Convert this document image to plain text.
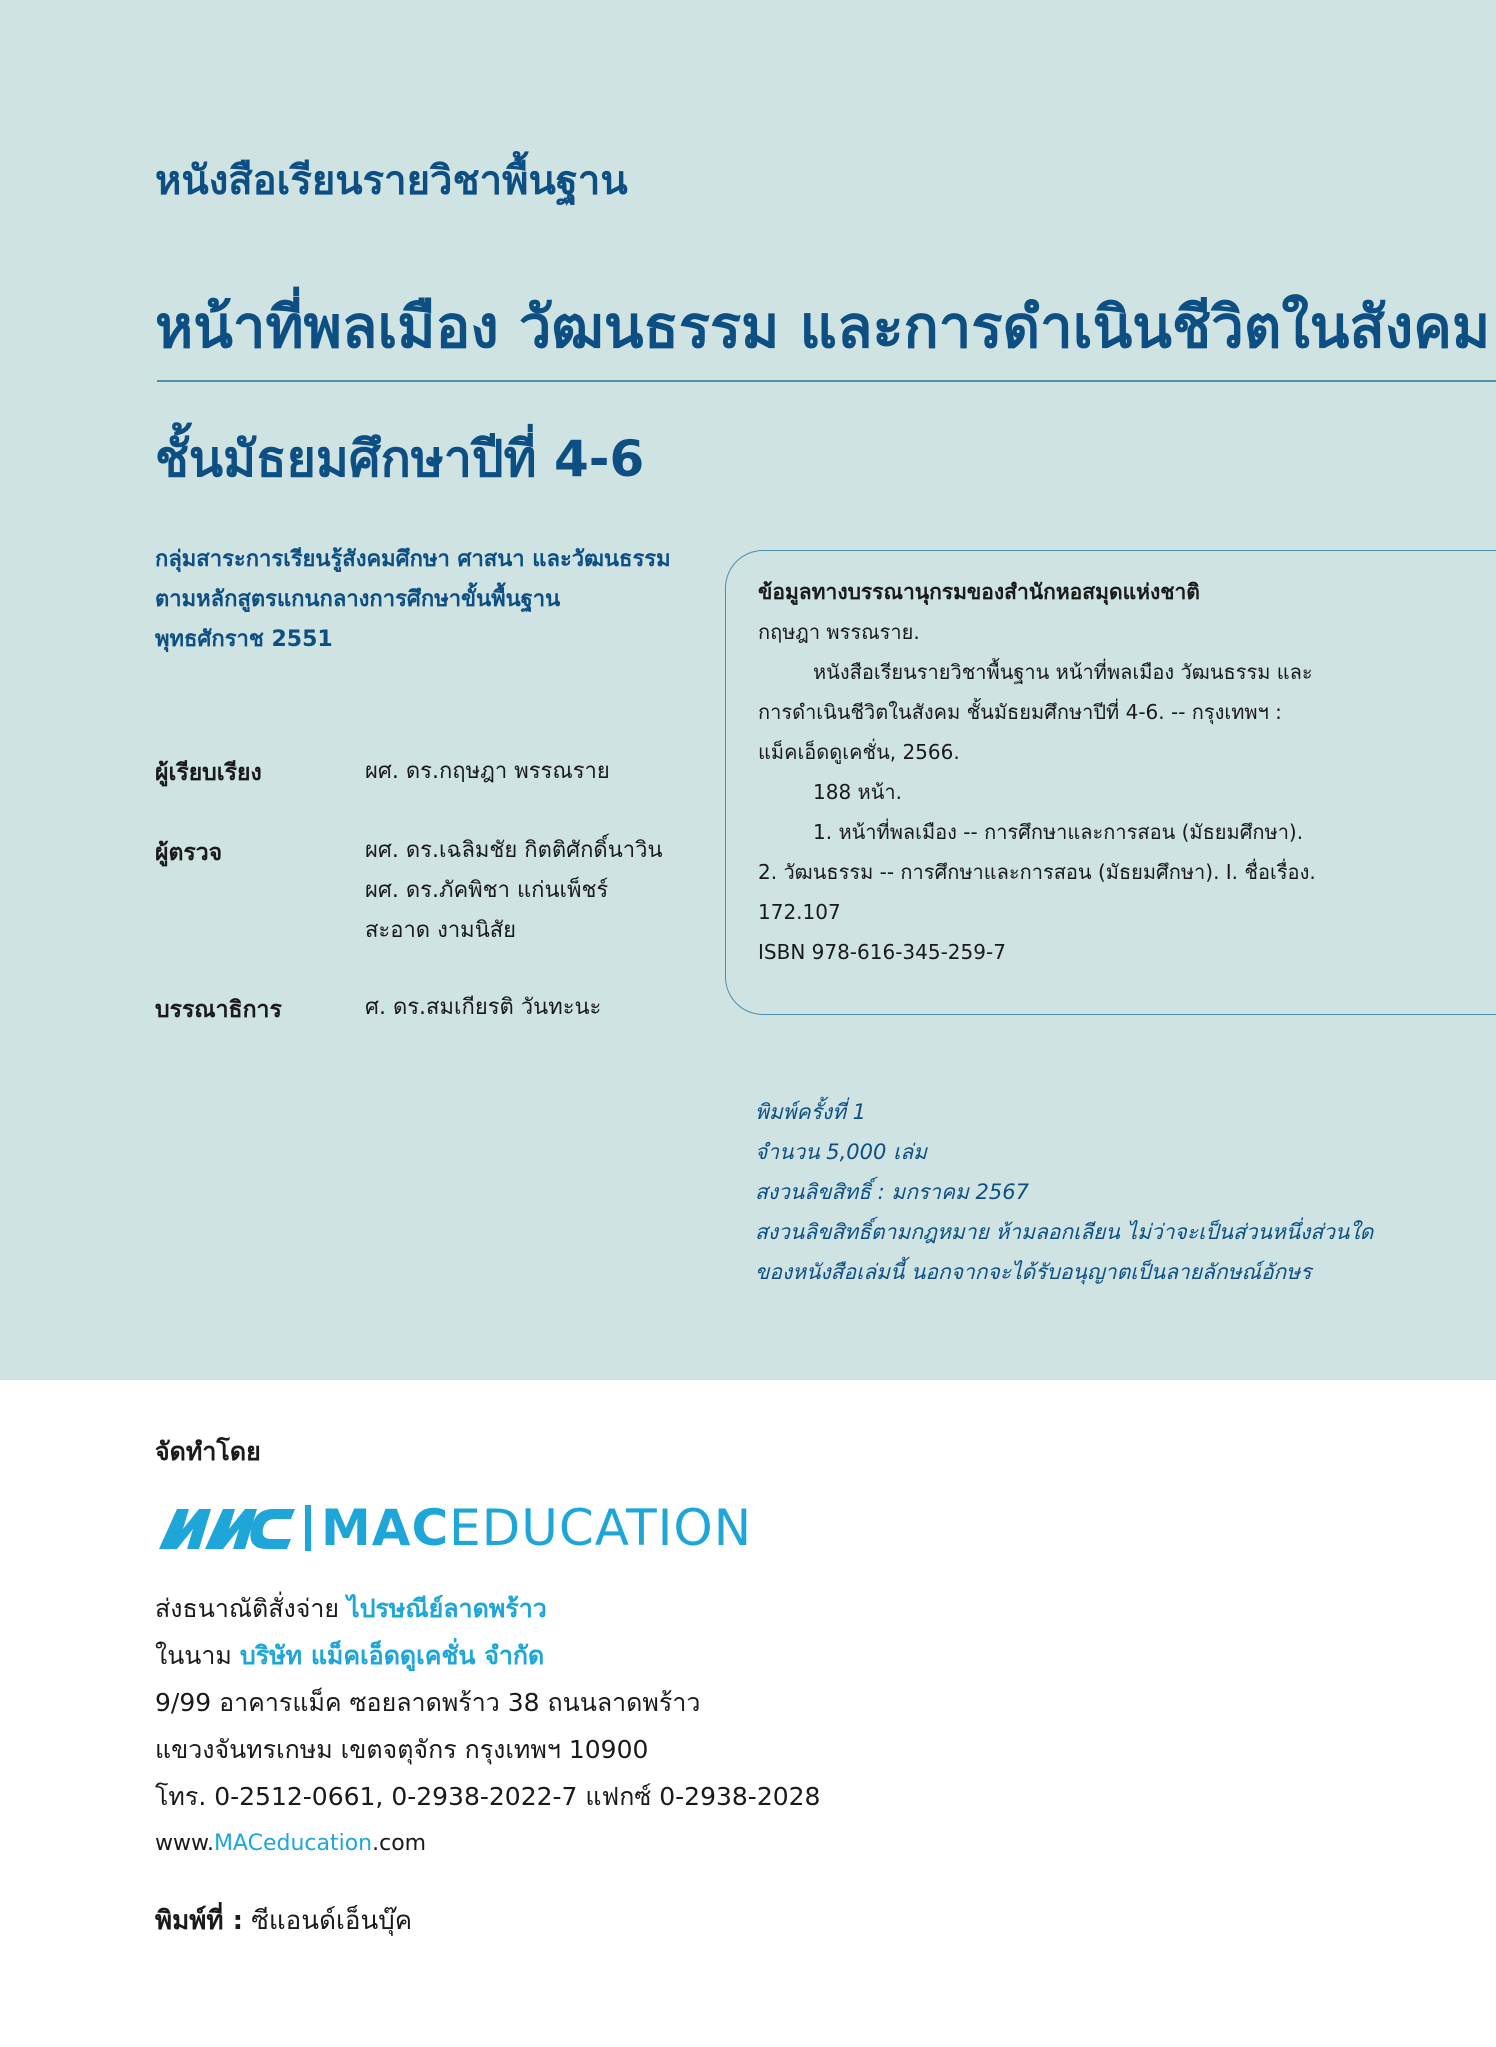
หนังสือเรียนรายวิชาพื้นฐาน
หน้าที่พลเมือง วัฒนธรรม และการดำเนินชีวิตในสังคม
ชั้นมัธยมศึกษาปีที่ 4-6
กลุ่มสาระการเรียนรู้สังคมศึกษา ศาสนา และวัฒนธรรม
ตามหลักสูตรแกนกลางการศึกษาขั้นพื้นฐาน
พุทธศักราช 2551
ผู้เรียบเรียง	ผศ. ดร.กฤษฎา พรรณราย
ผู้ตรวจ	ผศ. ดร.เฉลิมชัย กิตติศักดิ์นาวิน
ผศ. ดร.ภัคพิชา แก่นเพ็ชร์
สะอาด งามนิสัย
บรรณาธิการ	ศ. ดร.สมเกียรติ วันทะนะ
ข้อมูลทางบรรณานุกรมของสำนักหอสมุดแห่งชาติ
กฤษฎา พรรณราย.
หนังสือเรียนรายวิชาพื้นฐาน หน้าที่พลเมือง วัฒนธรรม และ
การดำเนินชีวิตในสังคม ชั้นมัธยมศึกษาปีที่ 4-6. -- กรุงเทพฯ :
แม็คเอ็ดดูเคชั่น, 2566.
188 หน้า.
1. หน้าที่พลเมือง -- การศึกษาและการสอน (มัธยมศึกษา).
2. วัฒนธรรม -- การศึกษาและการสอน (มัธยมศึกษา). I. ชื่อเรื่อง.
172.107
ISBN 978-616-345-259-7
พิมพ์ครั้งที่ 1
จำนวน 5,000 เล่ม
สงวนลิขสิทธิ์ : มกราคม 2567
สงวนลิขสิทธิ์ตามกฎหมาย ห้ามลอกเลียน ไม่ว่าจะเป็นส่วนหนึ่งส่วนใด
ของหนังสือเล่มนี้ นอกจากจะได้รับอนุญาตเป็นลายลักษณ์อักษร
จัดทำโดย
MACEDUCATION
ส่งธนาณัติสั่งจ่าย ไปรษณีย์ลาดพร้าว
ในนาม บริษัท แม็คเอ็ดดูเคชั่น จำกัด
9/99 อาคารแม็ค ซอยลาดพร้าว 38 ถนนลาดพร้าว
แขวงจันทรเกษม เขตจตุจักร กรุงเทพฯ 10900
โทร. 0-2512-0661, 0-2938-2022-7 แฟกซ์ 0-2938-2028
www.MACeducation.com
พิมพ์ที่ : ซีแอนด์เอ็นบุ๊ค
